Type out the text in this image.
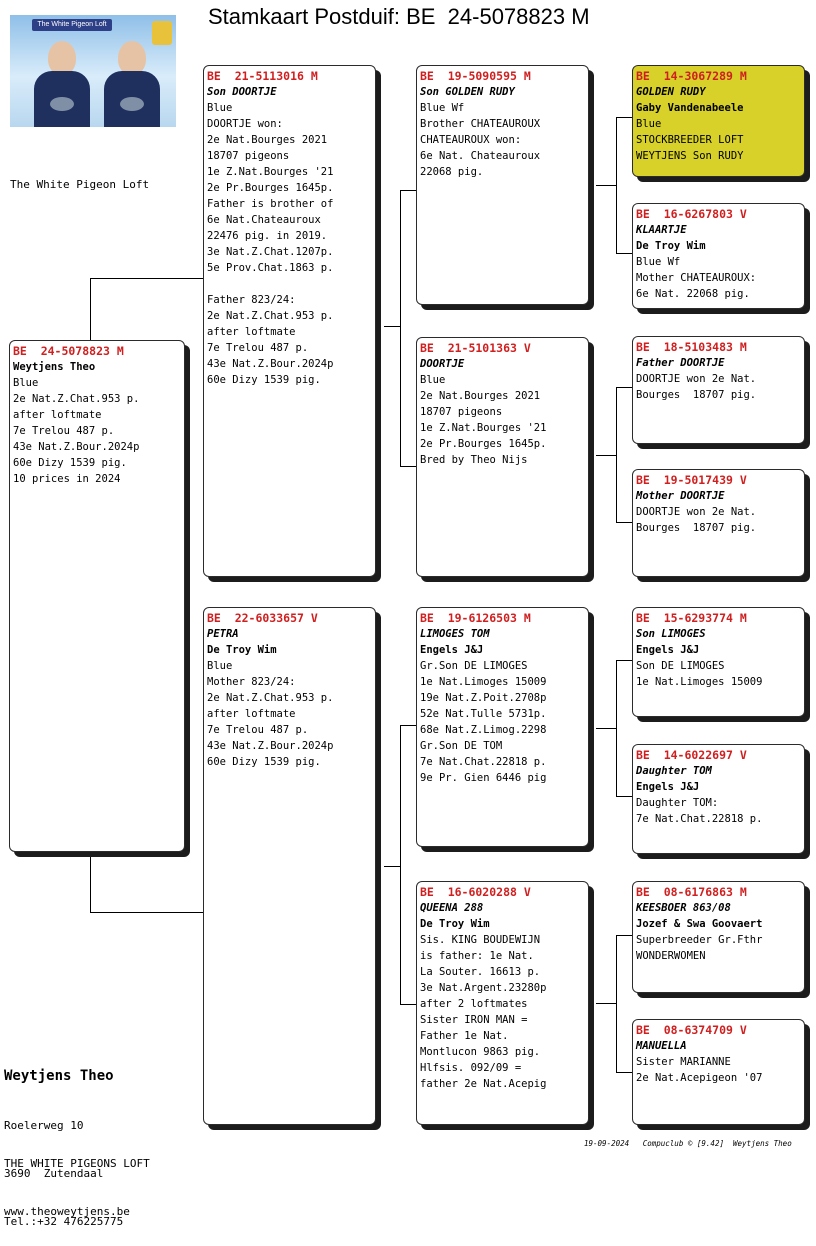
Stamkaart Postduif: BE  24-5078823 M
The White Pigeon Loft
The White Pigeon Loft
BE  24-5078823 M
Weytjens Theo
Blue
2e Nat.Z.Chat.953 p.
after loftmate
7e Trelou 487 p.
43e Nat.Z.Bour.2024p
60e Dizy 1539 pig.
10 prices in 2024
BE  21-5113016 M
Son DOORTJE
Blue
DOORTJE won:
2e Nat.Bourges 2021
18707 pigeons
1e Z.Nat.Bourges '21
2e Pr.Bourges 1645p.
Father is brother of
6e Nat.Chateauroux
22476 pig. in 2019.
3e Nat.Z.Chat.1207p.
5e Prov.Chat.1863 p.

Father 823/24:
2e Nat.Z.Chat.953 p.
after loftmate
7e Trelou 487 p.
43e Nat.Z.Bour.2024p
60e Dizy 1539 pig.
BE  22-6033657 V
PETRA
De Troy Wim
Blue
Mother 823/24:
2e Nat.Z.Chat.953 p.
after loftmate
7e Trelou 487 p.
43e Nat.Z.Bour.2024p
60e Dizy 1539 pig.
BE  19-5090595 M
Son GOLDEN RUDY
Blue Wf
Brother CHATEAUROUX
CHATEAUROUX won:
6e Nat. Chateauroux
22068 pig.
BE  21-5101363 V
DOORTJE
Blue
2e Nat.Bourges 2021
18707 pigeons
1e Z.Nat.Bourges '21
2e Pr.Bourges 1645p.
Bred by Theo Nijs
BE  19-6126503 M
LIMOGES TOM
Engels J&J
Gr.Son DE LIMOGES
1e Nat.Limoges 15009
19e Nat.Z.Poit.2708p
52e Nat.Tulle 5731p.
68e Nat.Z.Limog.2298
Gr.Son DE TOM
7e Nat.Chat.22818 p.
9e Pr. Gien 6446 pig
BE  16-6020288 V
QUEENA 288
De Troy Wim
Sis. KING BOUDEWIJN
is father: 1e Nat.
La Souter. 16613 p.
3e Nat.Argent.23280p
after 2 loftmates
Sister IRON MAN =
Father 1e Nat.
Montlucon 9863 pig.
Hlfsis. 092/09 =
father 2e Nat.Acepig
BE  14-3067289 M
GOLDEN RUDY
Gaby Vandenabeele
Blue
STOCKBREEDER LOFT
WEYTJENS Son RUDY
BE  16-6267803 V
KLAARTJE
De Troy Wim
Blue Wf
Mother CHATEAUROUX:
6e Nat. 22068 pig.
BE  18-5103483 M
Father DOORTJE
DOORTJE won 2e Nat.
Bourges  18707 pig.
BE  19-5017439 V
Mother DOORTJE
DOORTJE won 2e Nat.
Bourges  18707 pig.
BE  15-6293774 M
Son LIMOGES
Engels J&J
Son DE LIMOGES
1e Nat.Limoges 15009
BE  14-6022697 V
Daughter TOM
Engels J&J
Daughter TOM:
7e Nat.Chat.22818 p.
BE  08-6176863 M
KEESBOER 863/08
Jozef & Swa Goovaert
Superbreeder Gr.Fthr
WONDERWOMEN
BE  08-6374709 V
MANUELLA
Sister MARIANNE
2e Nat.Acepigeon '07

Weytjens Theo

Roelerweg 10

3690  Zutendaal

Tel.:+32 476225775

THE WHITE PIGEONS LOFT

www.theoweytjens.be

19-09-2024   Compuclub © [9.42]  Weytjens Theo
